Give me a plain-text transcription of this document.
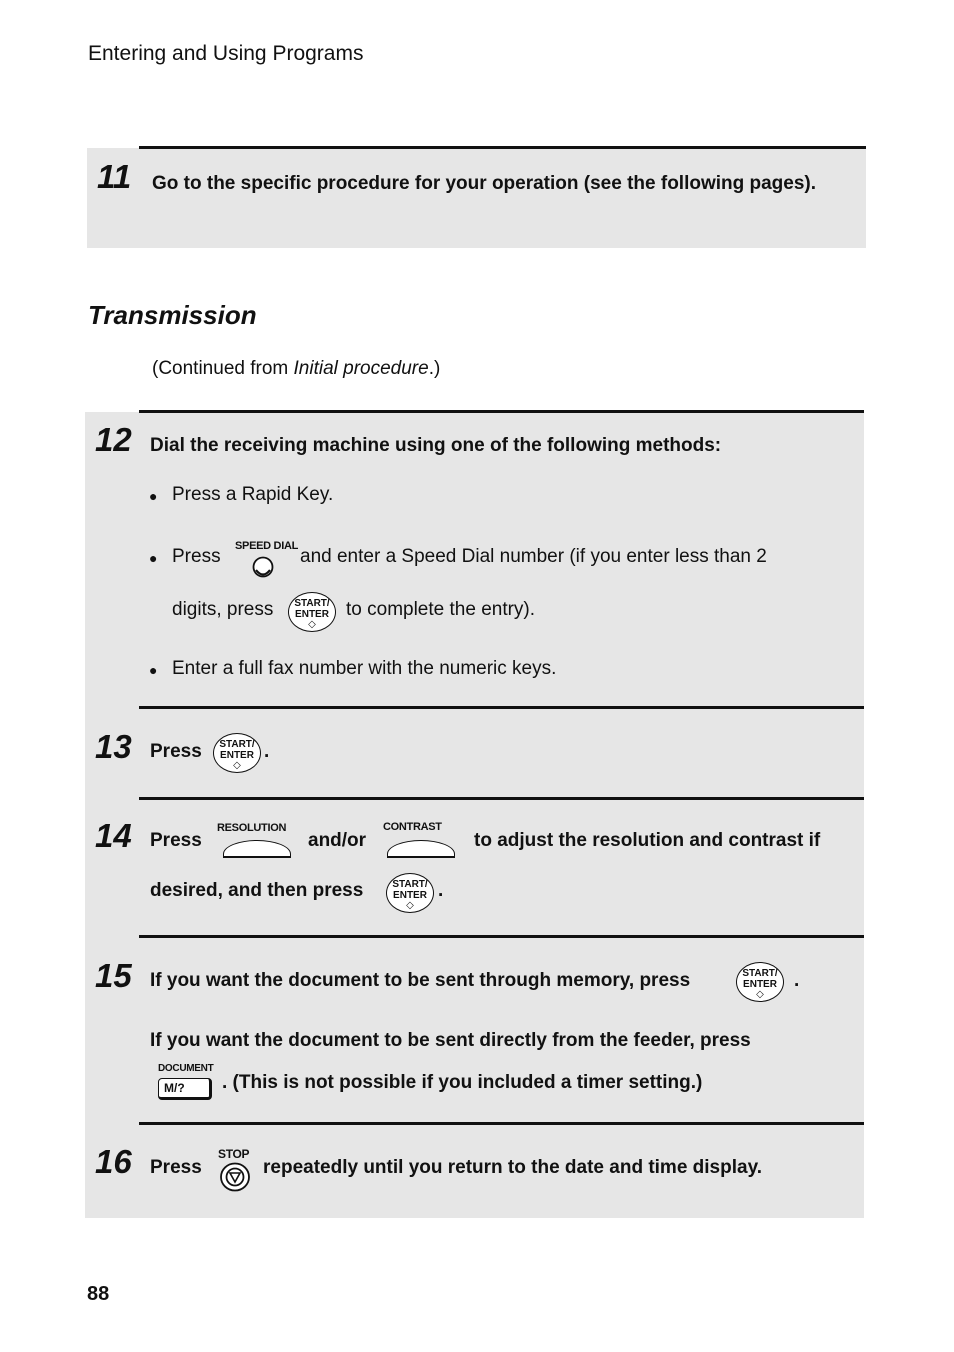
Entering and Using Programs
11 Go to the specific procedure for your operation (see the following pages).
Transmission
(Continued from Initial procedure.)
12 Dial the receiving machine using one of the following methods:
● Press a Rapid Key.
● Press SPEED DIAL and enter a Speed Dial number (if you enter less than 2
digits, press	START/
ENTER
◇
to complete the entry).
● Enter a full fax number with the numeric keys.
13 Press	START/
ENTER
◇
.
14 Press
RESOLUTION
and/or
CONTRAST
to adjust the resolution and contrast if
desired, and then press	START/
ENTER
◇
.
15 If you want the document to be sent through memory, press	START/
ENTER
◇
.
If you want the document to be sent directly from the feeder, press
DOCUMENT
M/? . (This is not possible if you included a timer setting.)
16 Press
STOP
repeatedly until you return to the date and time display.
88
